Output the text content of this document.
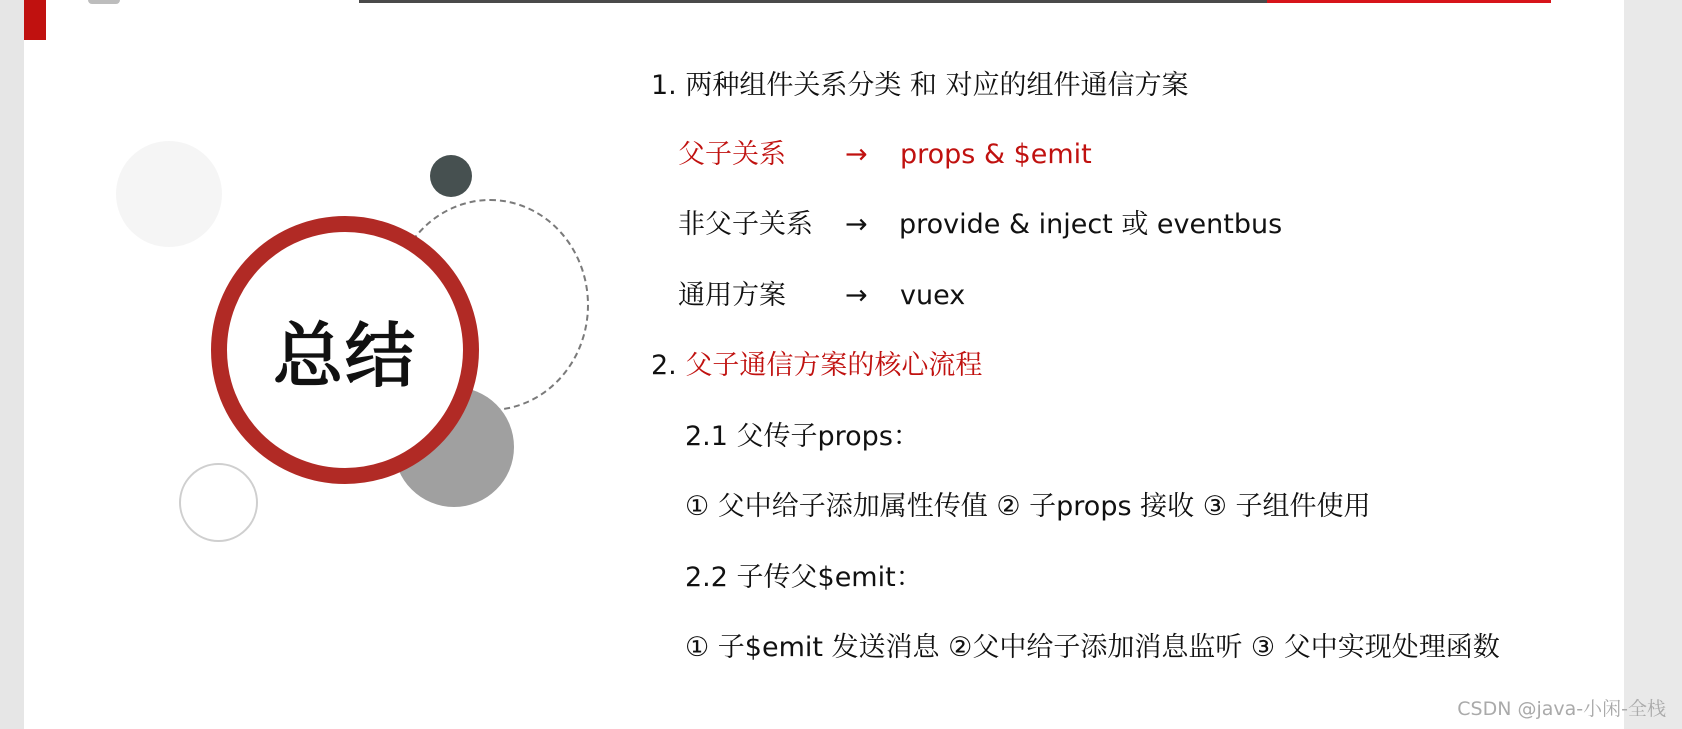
总结
1. 两种组件关系分类 和 对应的组件通信方案
父子关系 → props & $emit
非父子关系 → provide & inject 或 eventbus
通用方案 → vuex
2. 父子通信方案的核心流程
2.1 父传子props：
① 父中给子添加属性传值 ② 子props 接收 ③ 子组件使用
2.2 子传父$emit：
① 子$emit 发送消息 ②父中给子添加消息监听 ③ 父中实现处理函数
CSDN @java-小闲-全栈
